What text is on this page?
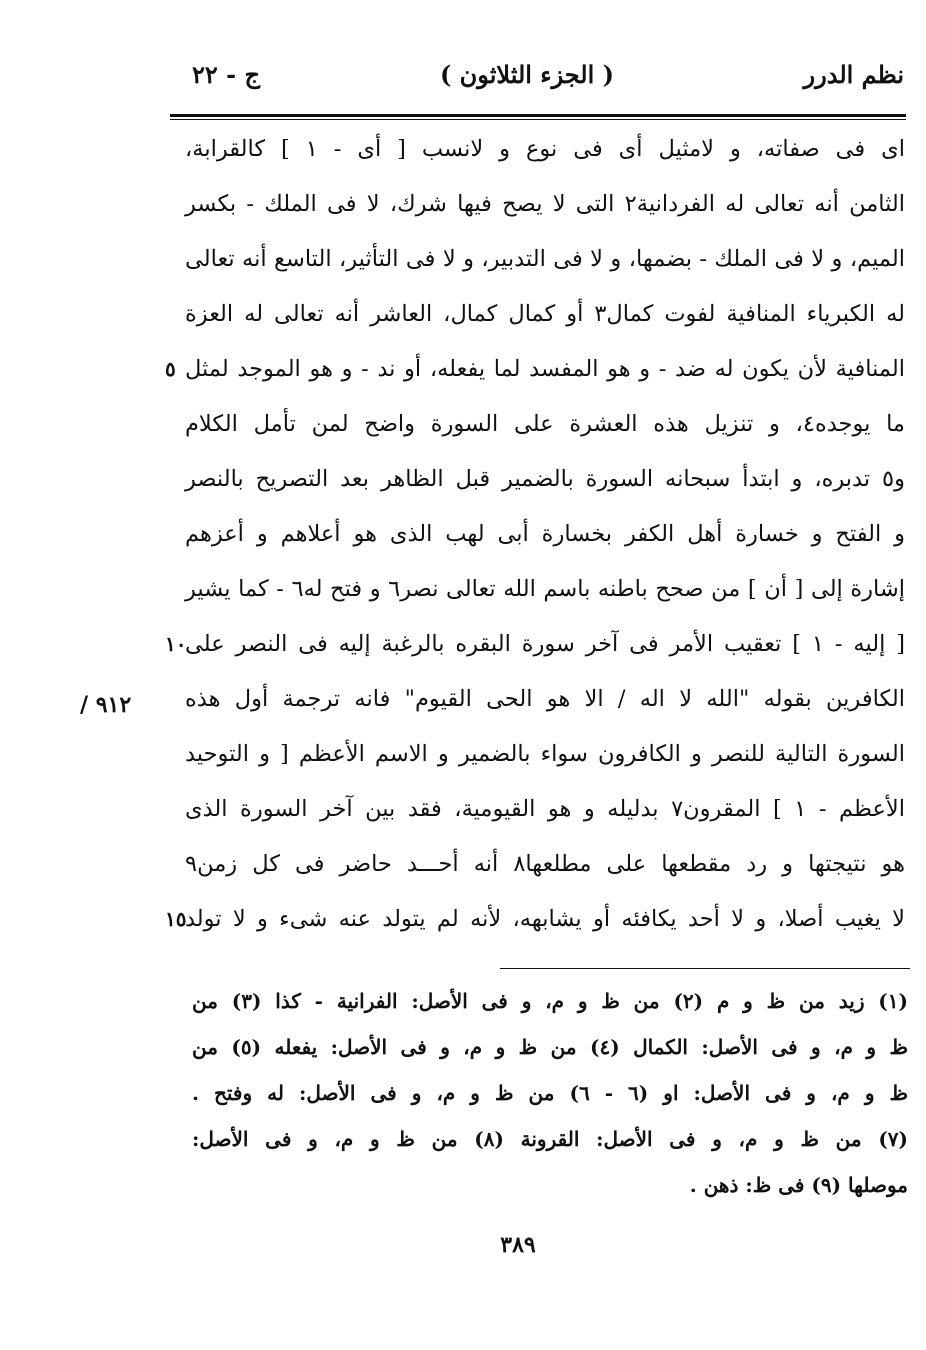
نظم الدرر
( الجزء الثلاثون )
ج - ٢٢
اى فى صفاته، و لامثيل أى فى نوع و لانسب [ أى - ١ ] كالقرابة،
الثامن أنه تعالى له الفردانية٢ التى لا يصح فيها شرك، لا فى الملك - بكسر
الميم، و لا فى الملك - بضمها، و لا فى التدبير، و لا فى التأثير، التاسع أنه تعالى
له الكبرياء المنافية لفوت كمال٣ أو كمال كمال، العاشر أنه تعالى له العزة
المنافية لأن يكون له ضد - و هو المفسد لما يفعله، أو ند - و هو الموجد لمثل
٥
ما يوجده٤، و تنزيل هذه العشرة على السورة واضح لمن تأمل الكلام
و٥ تدبره، و ابتدأ سبحانه السورة بالضمير قبل الظاهر بعد التصريح بالنصر
و الفتح و خسارة أهل الكفر بخسارة أبى لهب الذى هو أعلاهم و أعزهم
إشارة إلى [ أن ] من صحح باطنه باسم الله تعالى نصر٦ و فتح له٦ - كما يشير
[ إليه - ١ ] تعقيب الأمر فى آخر سورة البقره بالرغبة إليه فى النصر على
١٠
الكافرين بقوله "الله لا اله / الا هو الحى القيوم" فانه ترجمة أول هذه
السورة التالية للنصر و الكافرون سواء بالضمير و الاسم الأعظم [ و التوحيد
الأعظم - ١ ] المقرون٧ بدليله و هو القيومية، فقد بين آخر السورة الذى
هو نتيجتها و رد مقطعها على مطلعها٨ أنه أحـــد حاضر فى كل زمن٩
لا يغيب أصلا، و لا أحد يكافئه أو يشابهه، لأنه لم يتولد عنه شىء و لا تولد
١٥
٩١٢ /
(١) زيد من ظ و م (٢) من ظ و م، و فى الأصل: الفرانية - كذا (٣) من
ظ و م، و فى الأصل: الكمال (٤) من ظ و م، و فى الأصل: يفعله (٥) من
ظ و م، و فى الأصل: او (٦ - ٦) من ظ و م، و فى الأصل: له وفتح .
(٧) من ظ و م، و فى الأصل: القرونة (٨) من ظ و م، و فى الأصل:
موصلها (٩) فى ظ: ذهن .
٣٨٩
